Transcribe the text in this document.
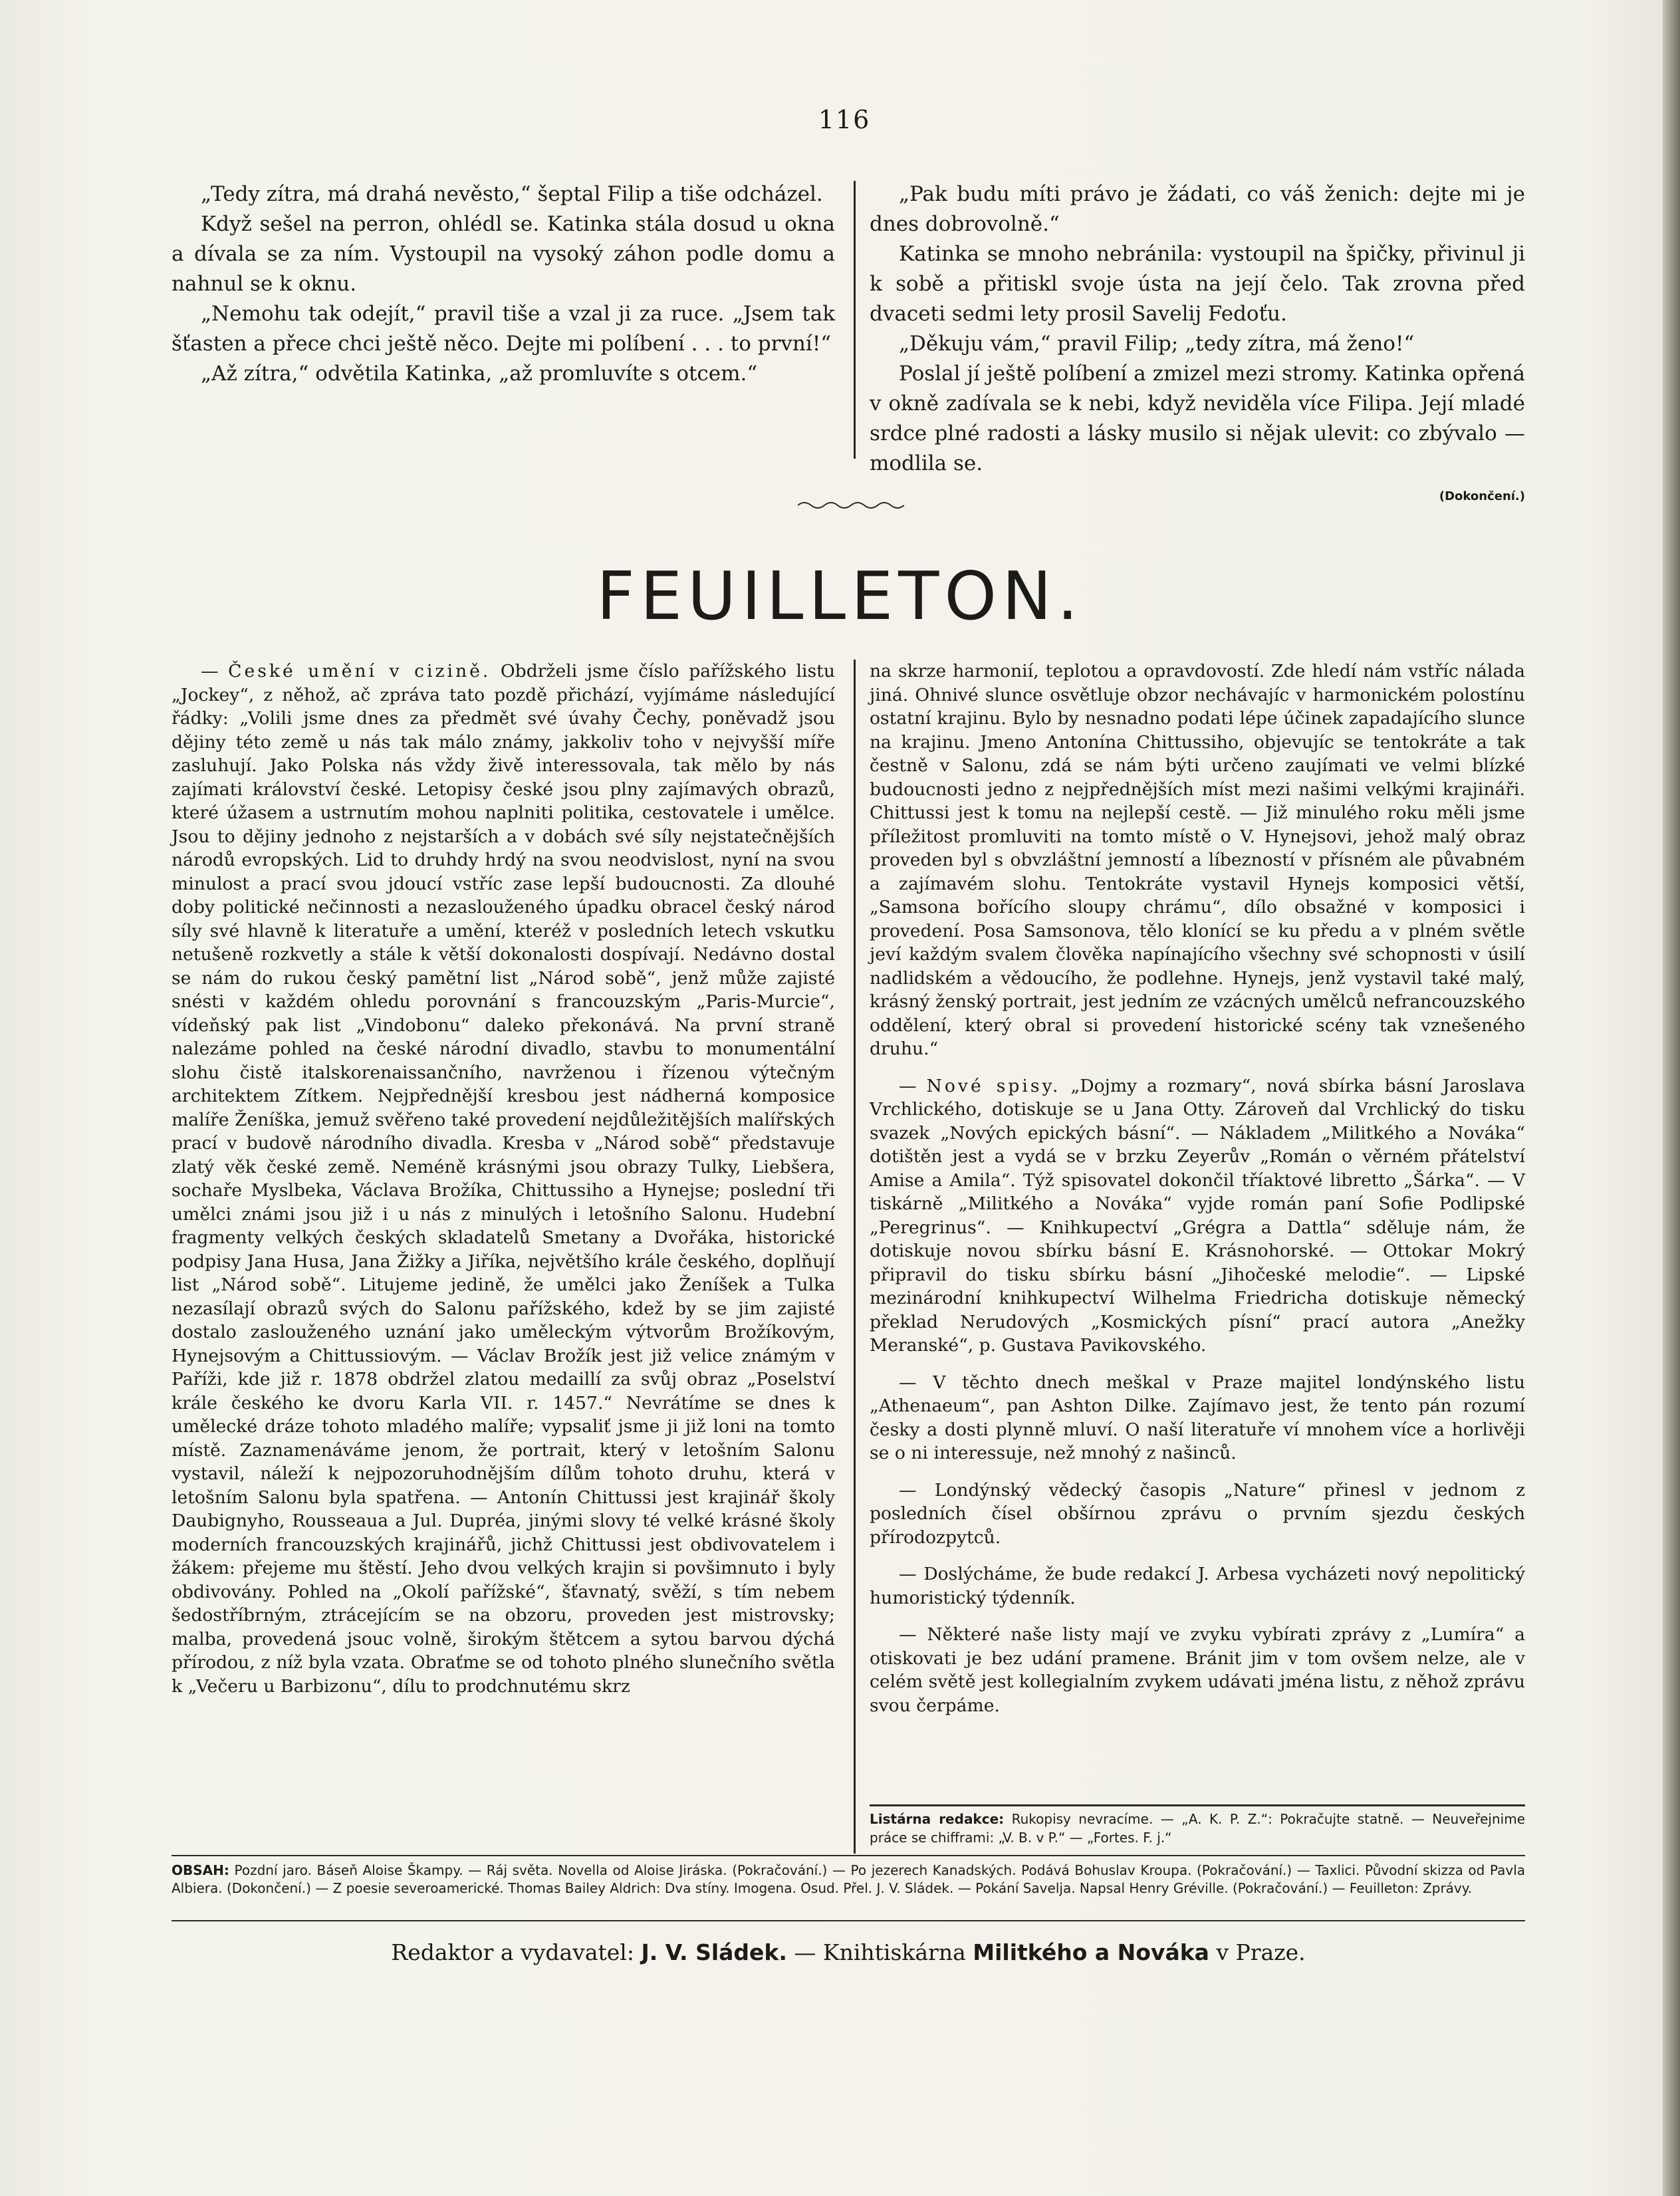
116

„Tedy zítra, má drahá nevěsto,“ šeptal Filip a tiše odcházel.

Když sešel na perron, ohlédl se. Katinka stála dosud u okna a dívala se za ním. Vystoupil na vysoký záhon podle domu a nahnul se k oknu.

„Nemohu tak odejít,“ pravil tiše a vzal ji za ruce. „Jsem tak šťasten a přece chci ještě něco. Dejte mi políbení . . . to první!“

„Až zítra,“ odvětila Katinka, „až promluvíte s otcem.“

„Pak budu míti právo je žádati, co váš ženich: dejte mi je dnes dobrovolně.“

Katinka se mnoho nebránila: vystoupil na špičky, přivinul ji k sobě a přitiskl svoje ústa na její čelo. Tak zrovna před dvaceti sedmi lety prosil Savelij Fedoťu.

„Děkuju vám,“ pravil Filip; „tedy zítra, má ženo!“

Poslal jí ještě políbení a zmizel mezi stromy. Katinka opřená v okně zadívala se k nebi, když neviděla více Filipa. Její mladé srdce plné radosti a lásky musilo si nějak ulevit: co zbývalo — modlila se.

(Dokončení.)

FEUILLETON.

— České umění v cizině. Obdrželi jsme číslo pařížského listu „Jockey“, z něhož, ač zpráva tato pozdě přichází, vyjímáme následující řádky: „Volili jsme dnes za předmět své úvahy Čechy, poněvadž jsou dějiny této země u nás tak málo známy, jakkoliv toho v nejvyšší míře zasluhují. Jako Polska nás vždy živě interessovala, tak mělo by nás zajímati království české. Letopisy české jsou plny zajímavých obrazů, které úžasem a ustrnutím mohou naplniti politika, cestovatele i umělce. Jsou to dějiny jednoho z nejstarších a v dobách své síly nejstatečnějších národů evropských. Lid to druhdy hrdý na svou neodvislost, nyní na svou minulost a prací svou jdoucí vstříc zase lepší budoucnosti. Za dlouhé doby politické nečinnosti a nezaslouženého úpadku obracel český národ síly své hlavně k literatuře a umění, kteréž v posledních letech vskutku netušeně rozkvetly a stále k větší dokonalosti dospívají. Nedávno dostal se nám do rukou český pamětní list „Národ sobě“, jenž může zajisté snésti v každém ohledu porovnání s francouzským „Paris-Murcie“, vídeňský pak list „Vindobonu“ daleko překonává. Na první straně nalezáme pohled na české národní divadlo, stavbu to monumentální slohu čistě italskorenaissančního, navrženou i řízenou výtečným architektem Zítkem. Nejpřednější kresbou jest nádherná komposice malíře Ženíška, jemuž svěřeno také provedení nejdůležitějších malířských prací v budově národního divadla. Kresba v „Národ sobě“ představuje zlatý věk české země. Neméně krásnými jsou obrazy Tulky, Liebšera, sochaře Myslbeka, Václava Brožíka, Chittussiho a Hynejse; poslední tři umělci známi jsou již i u nás z minulých i letošního Salonu. Hudební fragmenty velkých českých skladatelů Smetany a Dvořáka, historické podpisy Jana Husa, Jana Žižky a Jiříka, největšího krále českého, doplňují list „Národ sobě“. Litujeme jedině, že umělci jako Ženíšek a Tulka nezasílají obrazů svých do Salonu pařížského, kdež by se jim zajisté dostalo zaslouženého uznání jako uměleckým výtvorům Brožíkovým, Hynejsovým a Chittussiovým. — Václav Brožík jest již velice známým v Paříži, kde již r. 1878 obdržel zlatou medaillí za svůj obraz „Poselství krále českého ke dvoru Karla VII. r. 1457.“ Nevrátíme se dnes k umělecké dráze tohoto mladého malíře; vypsaliť jsme ji již loni na tomto místě. Zaznamenáváme jenom, že portrait, který v letošním Salonu vystavil, náleží k nejpozoruhodnějším dílům tohoto druhu, která v letošním Salonu byla spatřena. — Antonín Chittussi jest krajinář školy Daubignyho, Rousseaua a Jul. Dupréa, jinými slovy té velké krásné školy moderních francouzských krajinářů, jichž Chittussi jest obdivovatelem i žákem: přejeme mu štěstí. Jeho dvou velkých krajin si povšimnuto i byly obdivovány. Pohled na „Okolí pařížské“, šťavnatý, svěží, s tím nebem šedostříbrným, ztrácejícím se na obzoru, proveden jest mistrovsky; malba, provedená jsouc volně, širokým štětcem a sytou barvou dýchá přírodou, z níž byla vzata. Obraťme se od tohoto plného slunečního světla k „Večeru u Barbizonu“, dílu to prodchnutému skrz

na skrze harmonií, teplotou a opravdovostí. Zde hledí nám vstříc nálada jiná. Ohnivé slunce osvětluje obzor nechávajíc v harmonickém polostínu ostatní krajinu. Bylo by nesnadno podati lépe účinek zapadajícího slunce na krajinu. Jmeno Antonína Chittussiho, objevujíc se tentokráte a tak čestně v Salonu, zdá se nám býti určeno zaujímati ve velmi blízké budoucnosti jedno z nejpřednějších míst mezi našimi velkými krajináři. Chittussi jest k tomu na nejlepší cestě. — Již minulého roku měli jsme příležitost promluviti na tomto místě o V. Hynejsovi, jehož malý obraz proveden byl s obvzláštní jemností a líbezností v přísném ale půvabném a zajímavém slohu. Tentokráte vystavil Hynejs komposici větší, „Samsona bořícího sloupy chrámu“, dílo obsažné v komposici i provedení. Posa Samsonova, tělo klonící se ku předu a v plném světle jeví každým svalem člověka napínajícího všechny své schopnosti v úsilí nadlidském a vědoucího, že podlehne. Hynejs, jenž vystavil také malý, krásný ženský portrait, jest jedním ze vzácných umělců nefrancouzského oddělení, který obral si provedení historické scény tak vznešeného druhu.“

— Nové spisy. „Dojmy a rozmary“, nová sbírka básní Jaroslava Vrchlického, dotiskuje se u Jana Otty. Zároveň dal Vrchlický do tisku svazek „Nových epických básní“. — Nákladem „Militkého a Nováka“ dotištěn jest a vydá se v brzku Zeyerův „Román o věrném přátelství Amise a Amila“. Týž spisovatel dokončil tříaktové libretto „Šárka“. — V tiskárně „Militkého a Nováka“ vyjde román paní Sofie Podlipské „Peregrinus“. — Knihkupectví „Grégra a Dattla“ sděluje nám, že dotiskuje novou sbírku básní E. Krásnohorské. — Ottokar Mokrý připravil do tisku sbírku básní „Jihočeské melodie“. — Lipské mezinárodní knihkupectví Wilhelma Friedricha dotiskuje německý překlad Nerudových „Kosmických písní“ prací autora „Anežky Meranské“, p. Gustava Pavikovského.

— V těchto dnech meškal v Praze majitel londýnského listu „Athenaeum“, pan Ashton Dilke. Zajímavo jest, že tento pán rozumí česky a dosti plynně mluví. O naší literatuře ví mnohem více a horlivěji se o ni interessuje, než mnohý z našinců.

— Londýnský vědecký časopis „Nature“ přinesl v jednom z posledních čísel obšírnou zprávu o prvním sjezdu českých přírodozpytců.

— Doslýcháme, že bude redakcí J. Arbesa vycházeti nový nepolitický humoristický týdenník.

— Některé naše listy mají ve zvyku vybírati zprávy z „Lumíra“ a otiskovati je bez udání pramene. Bránit jim v tom ovšem nelze, ale v celém světě jest kollegialním zvykem udávati jména listu, z něhož zprávu svou čerpáme.

Listárna redakce: Rukopisy nevracíme. — „A. K. P. Z.“: Pokračujte statně. — Neuveřejnime práce se chifframi: „V. B. v P.“ — „Fortes. F. j.“
OBSAH: Pozdní jaro. Báseň Aloise Škampy. — Ráj světa. Novella od Aloise Jiráska. (Pokračování.) — Po jezerech Kanadských. Podává Bohuslav Kroupa. (Pokračování.) — Taxlici. Původní skizza od Pavla Albiera. (Dokončení.) — Z poesie severoamerické. Thomas Bailey Aldrich: Dva stíny. Imogena. Osud. Přel. J. V. Sládek. — Pokání Savelja. Napsal Henry Gréville. (Pokračování.) — Feuilleton: Zprávy.
Redaktor a vydavatel: J. V. Sládek. — Knihtiskárna Militkého a Nováka v Praze.
